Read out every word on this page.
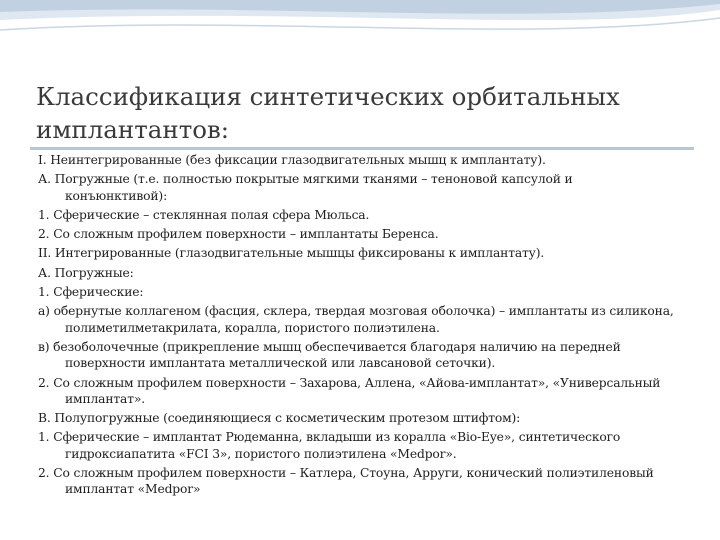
Классификация синтетических орбитальных имплантантов:
I. Неинтегрированные (без фиксации глазодвигательных мышц к имплантату).
А. Погружные (т.е. полностью покрытые мягкими тканями – теноновой капсулой и конъюнктивой):
1. Сферические – стеклянная полая сфера Мюльса.
2. Со сложным профилем поверхности – имплантаты Беренса.
II. Интегрированные (глазодвигательные мышцы фиксированы к имплантату).
А. Погружные:
1. Сферические:
а) обернутые коллагеном (фасция, склера, твердая мозговая оболочка) – имплантаты из силикона, полиметилметакрилата, коралла, пористого полиэтилена.
в) безоболочечные (прикрепление мышц обеспечивается благодаря наличию на передней поверхности имплантата металлической или лавсановой сеточки).
2. Со сложным профилем поверхности – Захарова, Аллена, «Айова-имплантат», «Универсальный имплантат».
В. Полупогружные (соединяющиеся с косметическим протезом штифтом):
1. Сферические – имплантат Рюдеманна, вкладыши из коралла «Bio-Eye», синтетического гидроксиапатита «FCI 3», пористого полиэтилена «Medpor».
2. Со сложным профилем поверхности – Катлера, Стоуна, Арруги, конический полиэтиленовый имплантат «Medpor»
